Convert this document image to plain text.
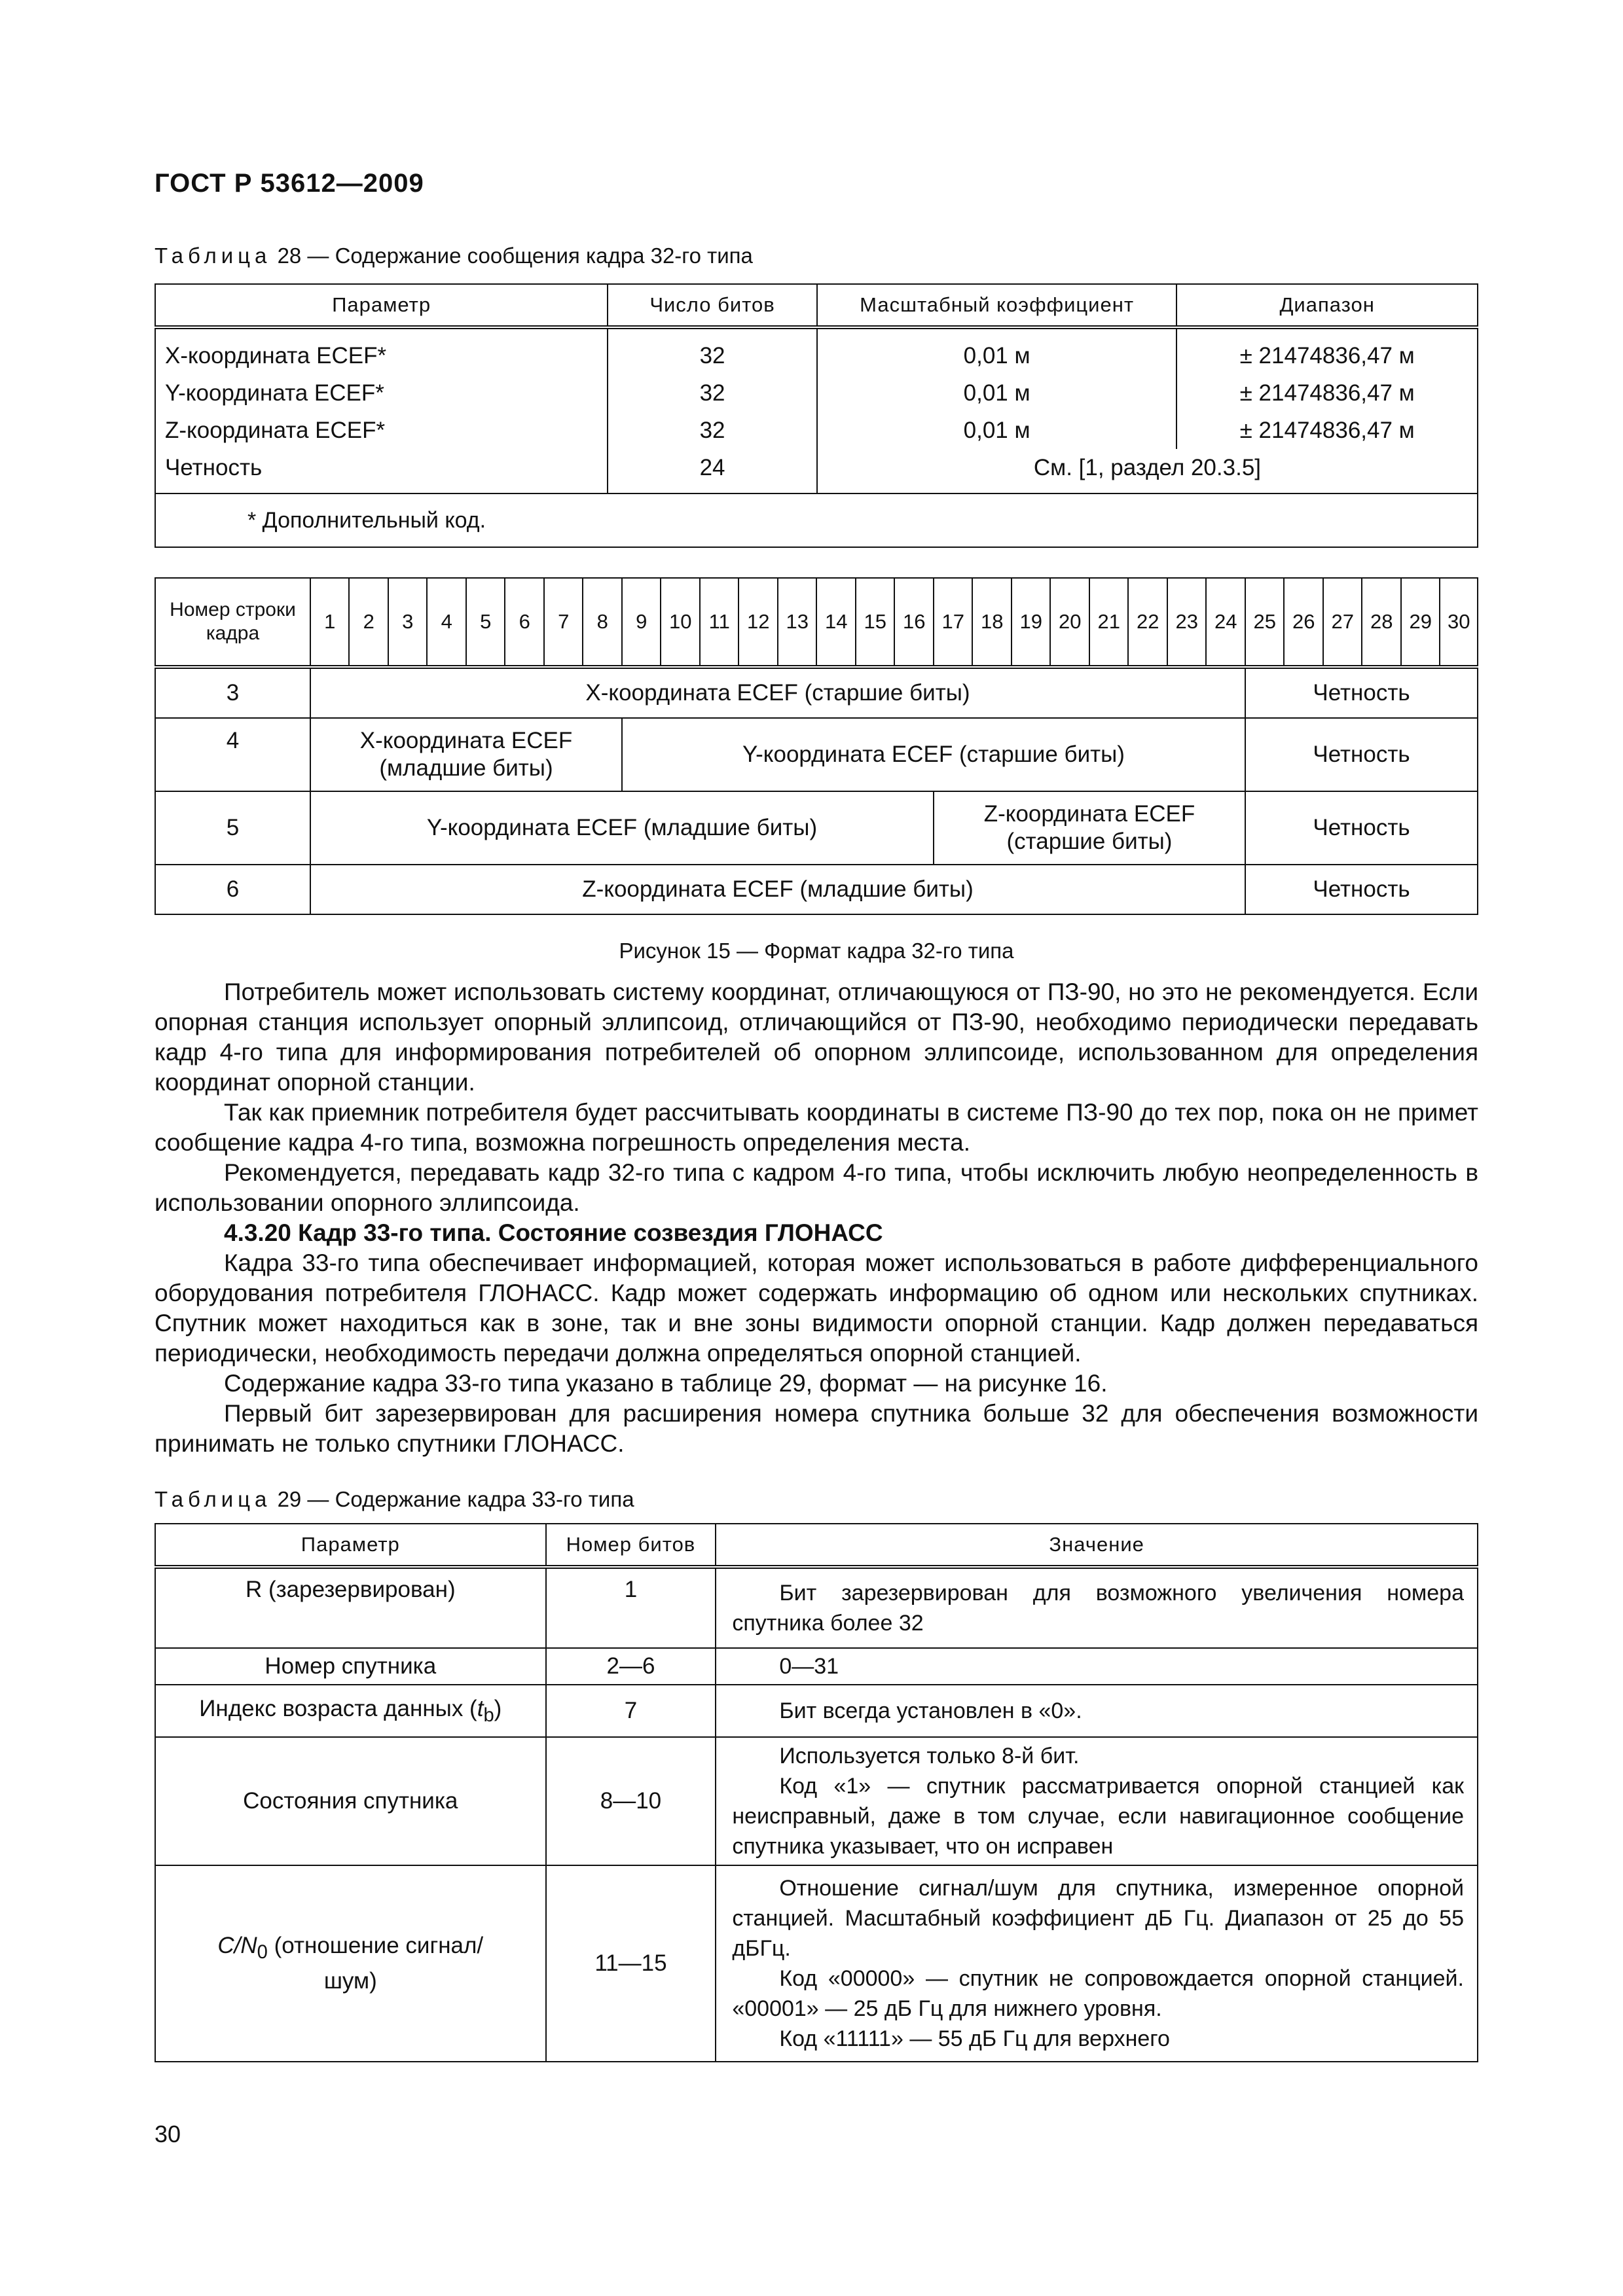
ГОСТ Р 53612—2009
Таблица 28 — Содержание сообщения кадра 32-го типа
Параметр	Число битов	Масштабный коэффициент	Диапазон
X-координата ECEF*	32	0,01 м	± 21474836,47 м
Y-координата ECEF*	32	0,01 м	± 21474836,47 м
Z-координата ECEF*	32	0,01 м	± 21474836,47 м
Четность	24	См. [1, раздел 20.3.5]	
* Дополнительный код.			
Номер строки кадра	1	2	3	4	5	6	7	8	9	10	11	12	13	14	15	16	17	18	19	20	21	22	23	24	25	26	27	28	29	30
3	X-координата ECEF (старшие биты)																								Четность					
4	X-координата ECEF (младшие биты)								Y-координата ECEF (старшие биты)																Четность					
5	Y-координата ECEF (младшие биты)																Z-координата ECEF (старшие биты)								Четность					
6	Z-координата ECEF (младшие биты)																								Четность					
Рисунок 15 — Формат кадра 32-го типа

Потребитель может использовать систему координат, отличающуюся от ПЗ-90, но это не рекомендуется. Если опорная станция использует опорный эллипсоид, отличающийся от ПЗ-90, необходимо периодически передавать кадр 4-го типа для информирования потребителей об опорном эллипсоиде, использованном для определения координат опорной станции.

Так как приемник потребителя будет рассчитывать координаты в системе ПЗ-90 до тех пор, пока он не примет сообщение кадра 4-го типа, возможна погрешность определения места.

Рекомендуется, передавать кадр 32-го типа с кадром 4-го типа, чтобы исключить любую неопределенность в использовании опорного эллипсоида.

4.3.20 Кадр 33-го типа. Состояние созвездия ГЛОНАСС

Кадра 33-го типа обеспечивает информацией, которая может использоваться в работе дифференциального оборудования потребителя ГЛОНАСС. Кадр может содержать информацию об одном или нескольких спутниках. Спутник может находиться как в зоне, так и вне зоны видимости опорной станции. Кадр должен передаваться периодически, необходимость передачи должна определяться опорной станцией.

Содержание кадра 33-го типа указано в таблице 29, формат — на рисунке 16.

Первый бит зарезервирован для расширения номера спутника больше 32 для обеспечения возможности принимать не только спутники ГЛОНАСС.

Таблица 29 — Содержание кадра 33-го типа
Параметр	Номер битов	Значение
R (зарезервирован)	1	Бит зарезервирован для возможного увеличения номера спутника более 32

Номер спутника	2—6	0—31

Индекс возраста данных $(t_b)$	7	Бит всегда установлен в «0».

Состояния спутника	8—10	Используется только 8-й бит.
Код «1» — спутник рассматривается опорной станцией как неисправный, даже в том случае, если навигационное сообщение спутника указывает, что он исправен

$C/N_0$ (отношение сигнал/шум)	11—15	Отношение сигнал/шум для спутника, измеренное опорной станцией. Масштабный коэффициент дБ Гц. Диапазон от 25 до 55 дБГц.
Код «00000» — спутник не сопровождается опорной станцией. «00001» — 25 дБ Гц для нижнего уровня.
Код «11111» — 55 дБ Гц для верхнего
30
